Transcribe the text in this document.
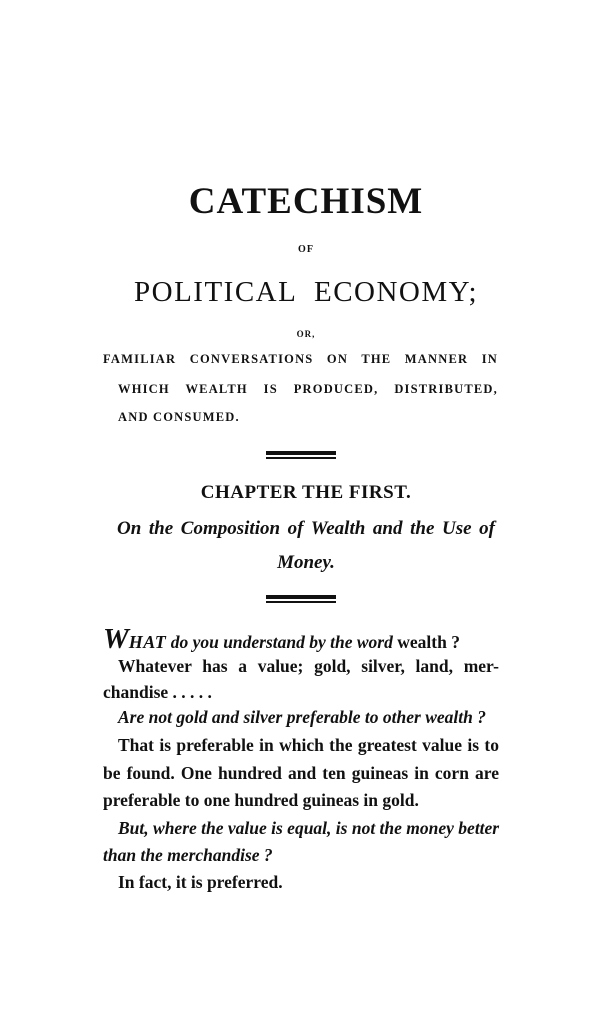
CATECHISM
OF
POLITICAL ECONOMY;
OR,
FAMILIAR CONVERSATIONS ON THE MANNER IN
WHICH WEALTH IS PRODUCED, DISTRIBUTED,
AND CONSUMED.
CHAPTER THE FIRST.
On the Composition of Wealth and the Use of
Money.
WHAT do you understand by the word wealth ?
Whatever has a value; gold, silver, land, mer-
chandise . . . . .
Are not gold and silver preferable to other wealth ?
That is preferable in which the greatest value is to
be found. One hundred and ten guineas in corn are
preferable to one hundred guineas in gold.
But, where the value is equal, is not the money better
than the merchandise ?
In fact, it is preferred.
